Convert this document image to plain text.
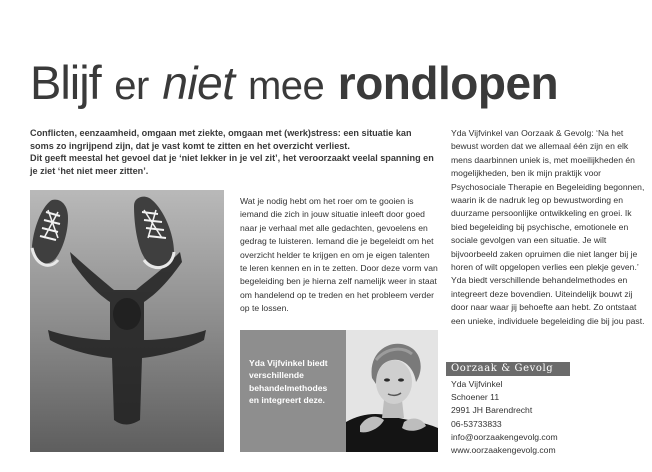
Blijf er niet mee rondlopen

Conflicten, eenzaamheid, omgaan met ziekte, omgaan met (werk)stress: een situatie kan soms zo ingrijpend zijn, dat je vast komt te zitten en het overzicht verliest.

Dit geeft meestal het gevoel dat je ‘niet lekker in je vel zit’, het veroorzaakt veelal spanning en je ziet ‘het niet meer zitten’.

Wat je nodig hebt om het roer om te gooien is iemand die zich in jouw situatie inleeft door goed naar je verhaal met alle gedachten, gevoelens en gedrag te luisteren. Iemand die je begeleidt om het overzicht helder te krijgen en om je eigen talenten te leren kennen en in te zetten. Door deze vorm van begeleiding ben je hierna zelf namelijk weer in staat om handelend op te treden en het probleem verder op te lossen.

Yda Vijfvinkel biedt verschillende behandelmethodes en integreert deze.

Yda Vijfvinkel van Oorzaak & Gevolg: ‘Na het bewust worden dat we allemaal één zijn en elk mens daarbinnen uniek is, met moeilijkheden én mogelijkheden, ben ik mijn praktijk voor Psychosociale Therapie en Begeleiding begonnen, waarin ik de nadruk leg op bewustwording en duurzame persoonlijke ontwikkeling en groei. Ik bied begeleiding bij psychische, emotionele en sociale gevolgen van een situatie. Je wilt bijvoorbeeld zaken opruimen die niet langer bij je horen of wilt opgelopen verlies een plekje geven.’ Yda biedt verschillende behandelmethodes en integreert deze bovendien. Uiteindelijk bouwt zij door naar waar jij behoefte aan hebt. Zo ontstaat een unieke, individuele begeleiding die bij jou past.

Oorzaak & Gevolg
Yda Vijfvinkel
Schoener 11
2991 JH Barendrecht
06-53733833
info@oorzaakengevolg.com
www.oorzaakengevolg.com
